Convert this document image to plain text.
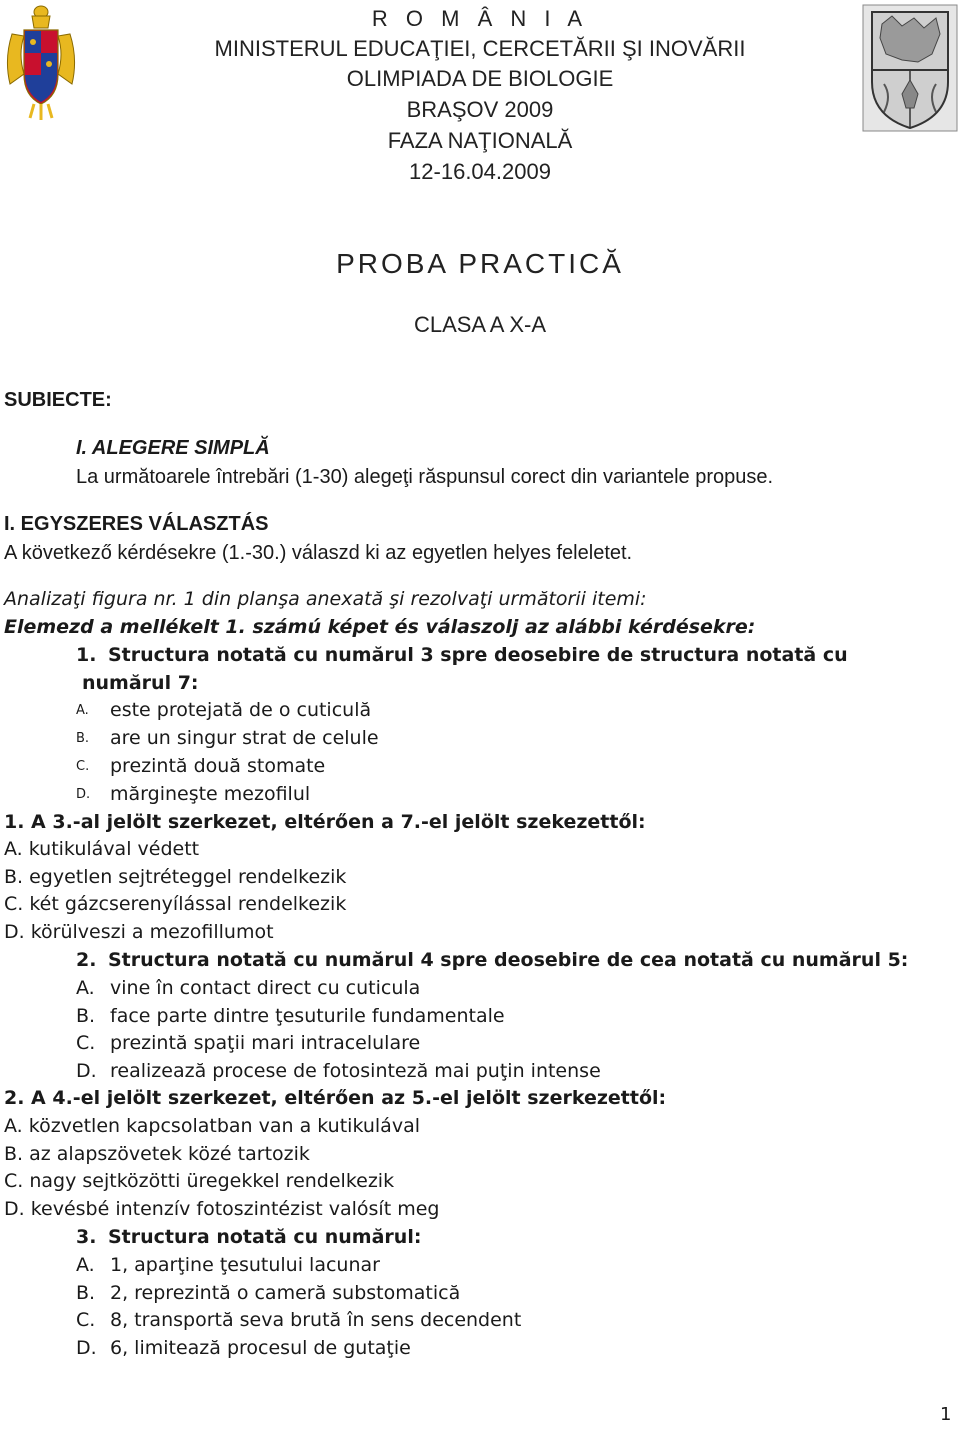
R O M Â N I A

MINISTERUL EDUCAŢIEI, CERCETĂRII ŞI INOVĂRII

OLIMPIADA DE BIOLOGIE

BRAŞOV 2009

FAZA NAŢIONALĂ

12-16.04.2009

PROBA PRACTICĂ

CLASA A X-A

SUBIECTE:

I. ALEGERE SIMPLĂ

La următoarele întrebări (1-30) alegeţi răspunsul corect din variantele propuse.

I. EGYSZERES VÁLASZTÁS

A következő kérdésekre (1.-30.) válaszd ki az egyetlen helyes feleletet.

Analizaţi figura nr. 1 din planşa anexată şi rezolvaţi următorii itemi:

Elemezd a mellékelt 1. számú képet és válaszolj az alábbi kérdésekre:

1. Structura notată cu numărul 3 spre deosebire de structura notată cu

numărul 7:

A. este protejată de o cuticulă
B. are un singur strat de celule
C. prezintă două stomate
D. mărgineşte mezofilul

1. A 3.-al jelölt szerkezet, eltérően a 7.-el jelölt szekezettől:

A. kutikulával védett

B. egyetlen sejtréteggel rendelkezik

C. két gázcserenyílással rendelkezik

D. körülveszi a mezofillumot

2. Structura notată cu numărul 4 spre deosebire de cea notată cu numărul 5:

A. vine în contact direct cu cuticula
B. face parte dintre ţesuturile fundamentale
C. prezintă spaţii mari intracelulare
D. realizează procese de fotosinteză mai puţin intense

2. A 4.-el jelölt szerkezet, eltérően az 5.-el jelölt szerkezettől:

A. közvetlen kapcsolatban van a kutikulával

B. az alapszövetek közé tartozik

C. nagy sejtközötti üregekkel rendelkezik

D. kevésbé intenzív fotoszintézist valósít meg

3. Structura notată cu numărul:

A. 1, aparţine ţesutului lacunar
B. 2, reprezintă o cameră substomatică
C. 8, transportă seva brută în sens decendent
D. 6, limitează procesul de gutaţie

1
